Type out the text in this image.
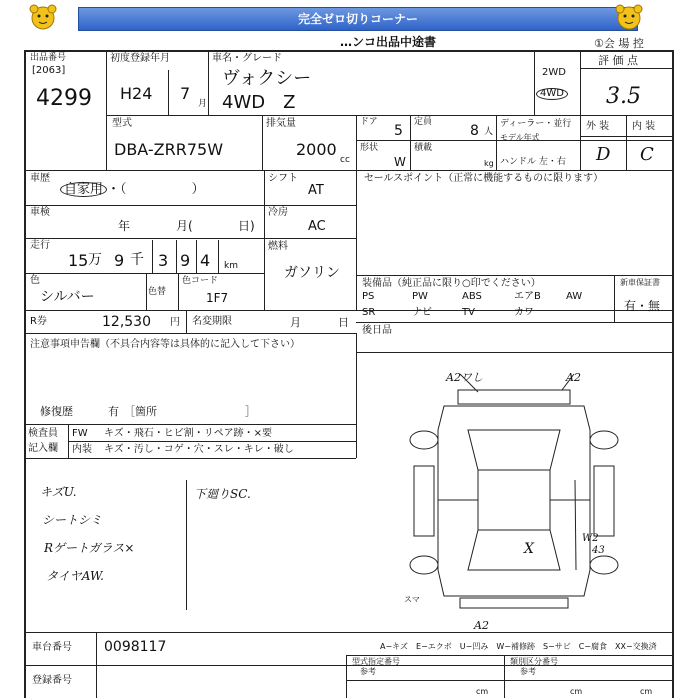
完全ゼロ切りコーナー
…ンコ出品中途書	①会 場 控
出品番号
[2063]
4299
初度登録年月
H24 7
月
車名・グレード
ヴォクシー
4WD　Z
2WD
4WD
評 価 点
3.5
型式
DBA-ZRR75W
排気量
2000
cc
ドア
5
定員
8 人
ディーラー・並行
モデル年式
形状
W
積載
kg ハンドル 左・右
外 装 内 装
D C
車歴
自家用 ・（　　　　　）
シフト
AT
セールスポイント（正常に機能するものに限ります）
車検
年	月(	日)
冷房
AC
走行
15 万 9 千 3 9 4 km
燃料
ガソリン
色
シルバー	色替
色コード
1F7
装備品（純正品に限り○印でください）	新車保証書
有・無
PS	PW	ABS	エアB	AW
SR	ナビ	TV	カワ
R券	12,530 円 名変期限	月	日
後日品
注意事項申告欄（不具合内容等は具体的に記入して下さい）
修復歴	有 ［箇所　　　　　　　　］
検査員
記入欄
FW キズ・飛石・ヒビ割・リペア跡・×要
内装 キズ・汚し・コゲ・穴・スレ・キレ・破し
キズU.
シートシミ
Rゲートガラス×
タイヤAW.
下廻りSC.
A2ワし	A2
X
W2
43
A2
スマ
A−キズ　E−エクボ　U−凹み　W−補修跡　S−サビ　C−腐食　XX−交換済
車台番号 0098117
登録番号
型式指定番号	類別区分番号
参考	参考
cm	cm	cm
